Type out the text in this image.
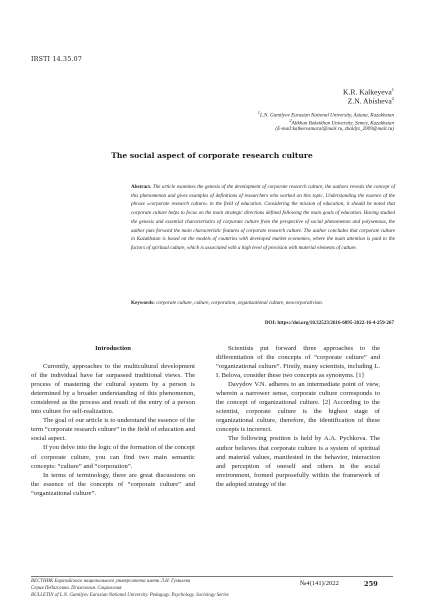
IRSTI 14.35.07
K.R. Kalkeyeva$^1$
Z.N. Abisheva$^2$
$^1$L.N. Gumilyov Eurasian National University, Astana, Kazakhstan
$^2$Alikhan Bokeikhan University, Semey, Kazakhstan
(E-mail:kalkeevamaral@mail.ru, zbaldyz_2009@mail.ru)
The social aspect of corporate research culture
Abstract. The article examines the genesis of the development of corporate research culture, the authors reveals the concept of this phenomenon and gives examples of definitions of researchers who worked on this topic. Understanding the essence of the phrase «corporate research culture» in the field of education. Considering the mission of education, it should be noted that corporate culture helps to focus on the main strategic directions defined following the main goals of education. Having studied the genesis and essential characteristics of corporate culture from the perspective of social phenomenon and polysemous, the author puts forward the main characteristic features of corporate research culture. The author concludes that corporate culture in Kazakhstan is based on the models of countries with developed market economies, where the main attention is paid to the factors of spiritual culture, which is associated with a high level of provision with material elements of culture.
Keywords: corporate culture, culture, corporation, organizational culture, neocorporativism.
DOI: https://doi.org/10.32523/2616-6895-2022-16-4-259-267

Introduction

Currently, approaches to the multicultural development of the individual have far surpassed traditional views. The process of mastering the cultural system by a person is determined by a broader understanding of this phenomenon, considered as the process and result of the entry of a person into culture for self-realization.

The goal of our article is to understand the essence of the term “corporate research culture” in the field of education and social aspect.

If you delve into the logic of the formation of the concept of corporate culture, you can find two main semantic concepts: “culture” and “corporation”.

In terms of terminology, there are great discussions on the essence of the concepts of “corporate culture” and “organizational culture”.

Scientists put forward three approaches to the differentiation of the concepts of “corporate culture” and “organizational culture”. Firstly, many scientists, including L. I. Belova, consider these two concepts as synonyms. [1]

Davydov V.N. adheres to an intermediate point of view, wherein a narrower sense, corporate culture corresponds to the concept of organizational culture. [2] According to the scientist, corporate culture is the highest stage of organizational culture, therefore, the identification of these concepts is incorrect.

The following position is held by A.A. Pychkova. The author believes that corporate culture is a system of spiritual and material values, manifested in the behavior, interaction and perception of oneself and others in the social environment, formed purposefully within the framework of the adopted strategy of the

ВЕСТНИК Евразийского национального университета имени Л.Н. Гумилева
Серия Педагогика. Психология. Социология
BULLETIN of L.N. Gumilyov Eurasian National University. Pedagogy. Psychology. Sociology Series
№4(141)/2022	259
